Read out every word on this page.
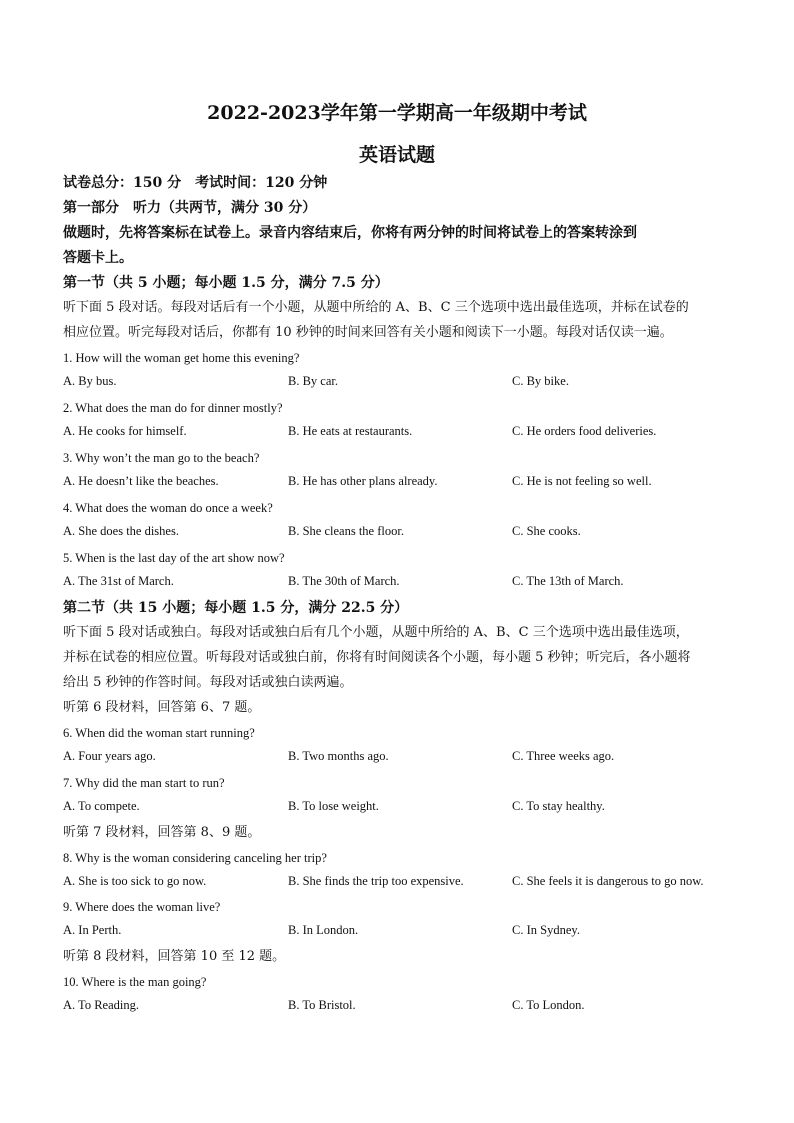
2022-2023学年第一学期高一年级期中考试
英语试题
试卷总分：150 分　考试时间：120 分钟
第一部分　听力（共两节，满分 30 分）
做题时，先将答案标在试卷上。录音内容结束后，你将有两分钟的时间将试卷上的答案转涂到
答题卡上。
第一节（共 5 小题；每小题 1.5 分，满分 7.5 分）
听下面 5 段对话。每段对话后有一个小题，从题中所给的 A、B、C 三个选项中选出最佳选项，并标在试卷的
相应位置。听完每段对话后，你都有 10 秒钟的时间来回答有关小题和阅读下一小题。每段对话仅读一遍。
1. How will the woman get home this evening?
A. By bus.	B. By car.	C. By bike.
2. What does the man do for dinner mostly?
A. He cooks for himself.	B. He eats at restaurants.	C. He orders food deliveries.
3. Why won’t the man go to the beach?
A. He doesn’t like the beaches.	B. He has other plans already.	C. He is not feeling so well.
4. What does the woman do once a week?
A. She does the dishes.	B. She cleans the floor.	C. She cooks.
5. When is the last day of the art show now?
A. The 31st of March.	B. The 30th of March.	C. The 13th of March.
第二节（共 15 小题；每小题 1.5 分，满分 22.5 分）
听下面 5 段对话或独白。每段对话或独白后有几个小题，从题中所给的 A、B、C 三个选项中选出最佳选项，
并标在试卷的相应位置。听每段对话或独白前，你将有时间阅读各个小题，每小题 5 秒钟；听完后，各小题将
给出 5 秒钟的作答时间。每段对话或独白读两遍。
听第 6 段材料，回答第 6、7 题。
6. When did the woman start running?
A. Four years ago.	B. Two months ago.	C. Three weeks ago.
7. Why did the man start to run?
A. To compete.	B. To lose weight.	C. To stay healthy.
听第 7 段材料，回答第 8、9 题。
8. Why is the woman considering canceling her trip?
A. She is too sick to go now.	B. She finds the trip too expensive.	C. She feels it is dangerous to go now.
9. Where does the woman live?
A. In Perth.	B. In London.	C. In Sydney.
听第 8 段材料，回答第 10 至 12 题。
10. Where is the man going?
A. To Reading.	B. To Bristol.	C. To London.
